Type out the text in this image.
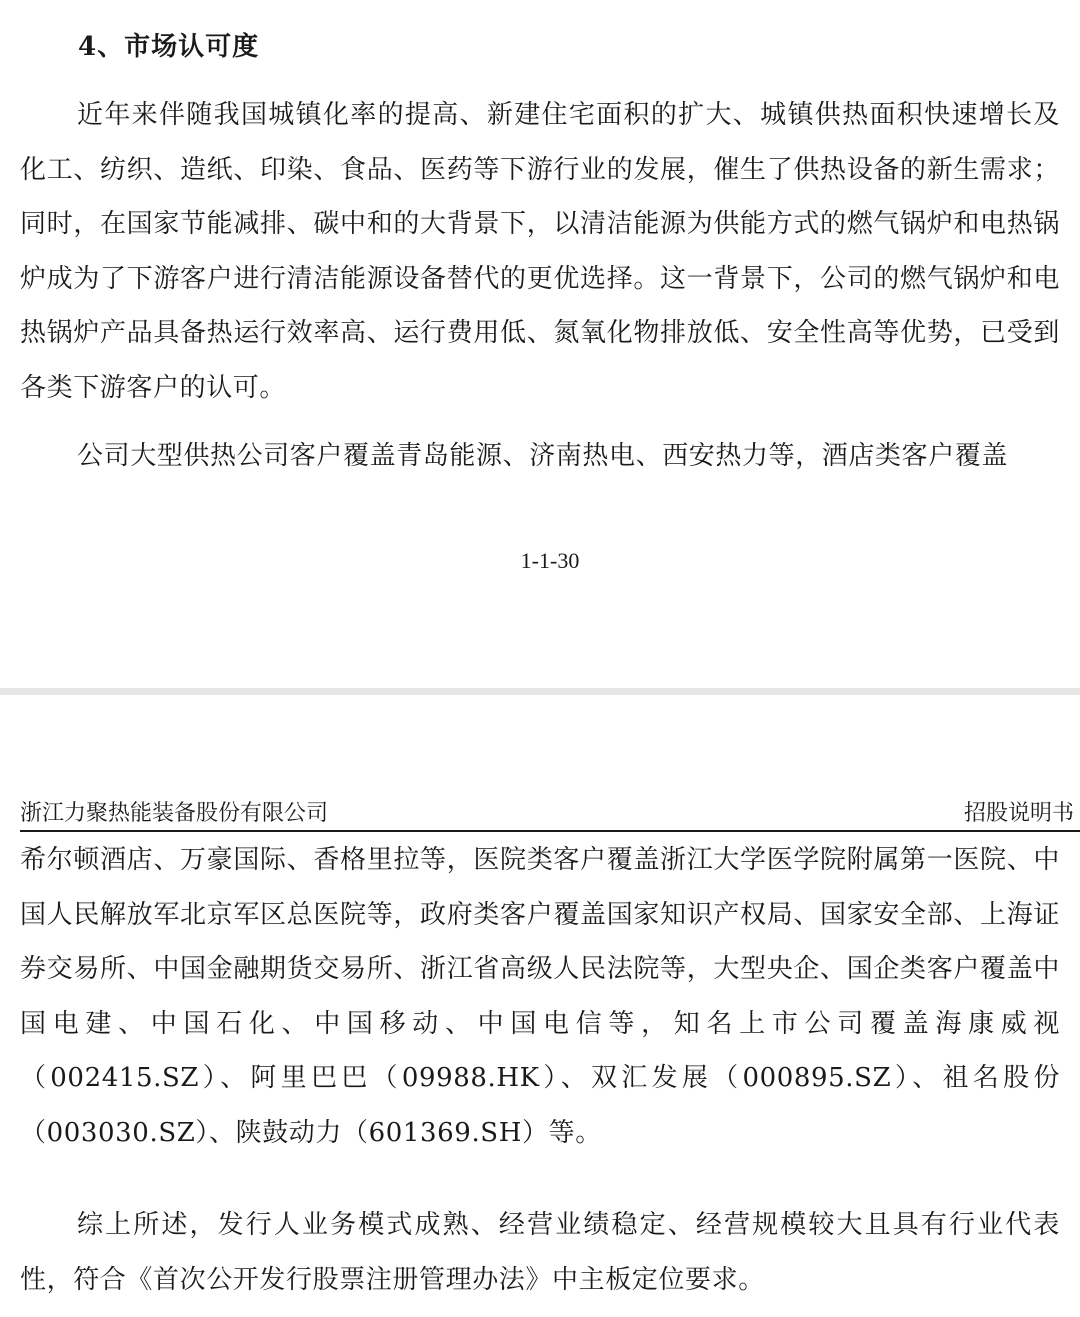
4、市场认可度

近年来伴随我国城镇化率的提高、新建住宅面积的扩大、城镇供热面积快速增长及化工、纺织、造纸、印染、食品、医药等下游行业的发展，催生了供热设备的新生需求；同时，在国家节能减排、碳中和的大背景下，以清洁能源为供能方式的燃气锅炉和电热锅炉成为了下游客户进行清洁能源设备替代的更优选择。这一背景下，公司的燃气锅炉和电热锅炉产品具备热运行效率高、运行费用低、氮氧化物排放低、安全性高等优势，已受到各类下游客户的认可。

公司大型供热公司客户覆盖青岛能源、济南热电、西安热力等，酒店类客户覆盖

1-1-30
浙江力聚热能装备股份有限公司	招股说明书

希尔顿酒店、万豪国际、香格里拉等，医院类客户覆盖浙江大学医学院附属第一医院、中国人民解放军北京军区总医院等，政府类客户覆盖国家知识产权局、国家安全部、上海证券交易所、中国金融期货交易所、浙江省高级人民法院等，大型央企、国企类客户覆盖中国电建、中国石化、中国移动、中国电信等，知名上市公司覆盖海康威视（002415.SZ）、阿里巴巴（09988.HK）、双汇发展（000895.SZ）、祖名股份（003030.SZ）、陕鼓动力（601369.SH）等。

综上所述，发行人业务模式成熟、经营业绩稳定、经营规模较大且具有行业代表性，符合《首次公开发行股票注册管理办法》中主板定位要求。
